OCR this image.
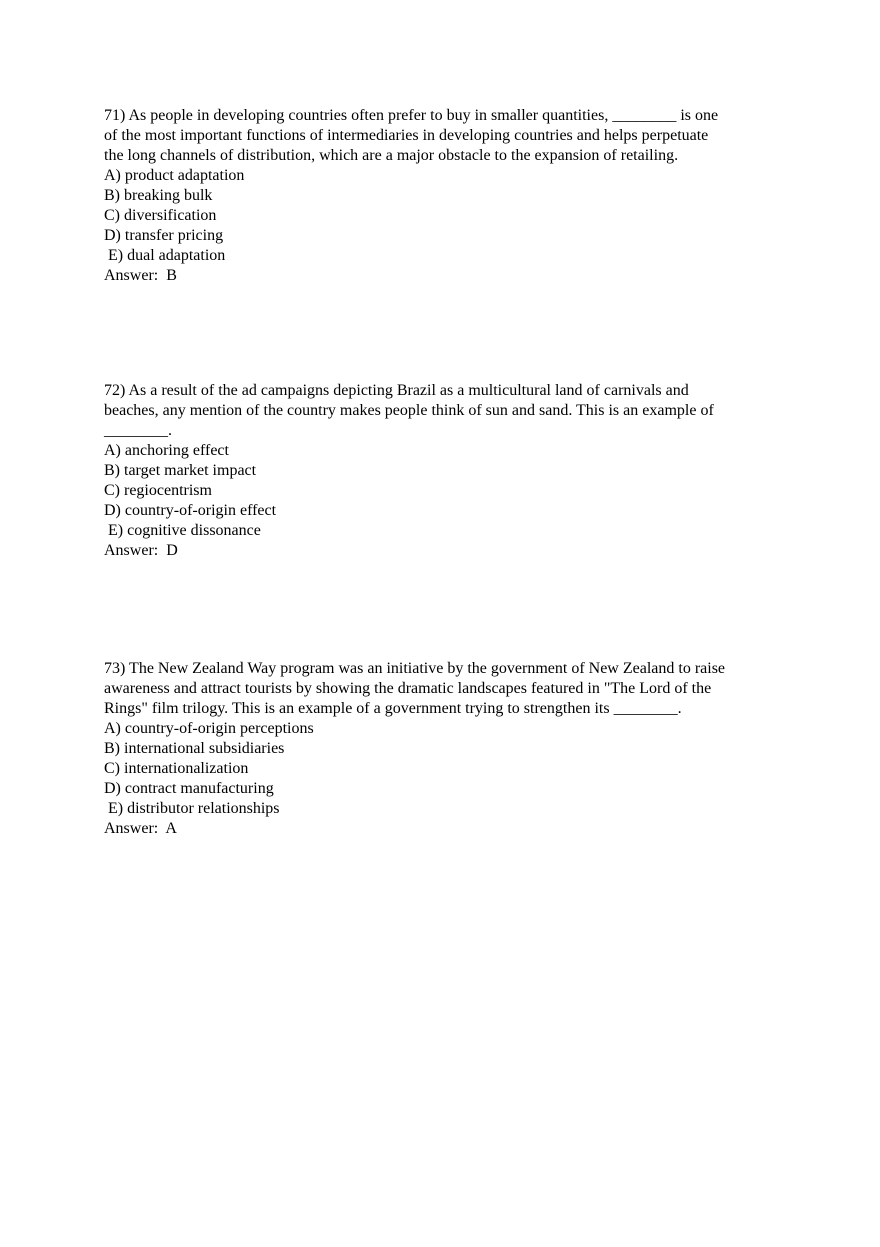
71) As people in developing countries often prefer to buy in smaller quantities, ________ is one

of the most important functions of intermediaries in developing countries and helps perpetuate

the long channels of distribution, which are a major obstacle to the expansion of retailing.

A) product adaptation

B) breaking bulk

C) diversification

D) transfer pricing

E) dual adaptation

Answer:  B

72) As a result of the ad campaigns depicting Brazil as a multicultural land of carnivals and

beaches, any mention of the country makes people think of sun and sand. This is an example of

________.

A) anchoring effect

B) target market impact

C) regiocentrism

D) country-of-origin effect

E) cognitive dissonance

Answer:  D

73) The New Zealand Way program was an initiative by the government of New Zealand to raise

awareness and attract tourists by showing the dramatic landscapes featured in "The Lord of the

Rings" film trilogy. This is an example of a government trying to strengthen its ________.

A) country-of-origin perceptions

B) international subsidiaries

C) internationalization

D) contract manufacturing

E) distributor relationships

Answer:  A
